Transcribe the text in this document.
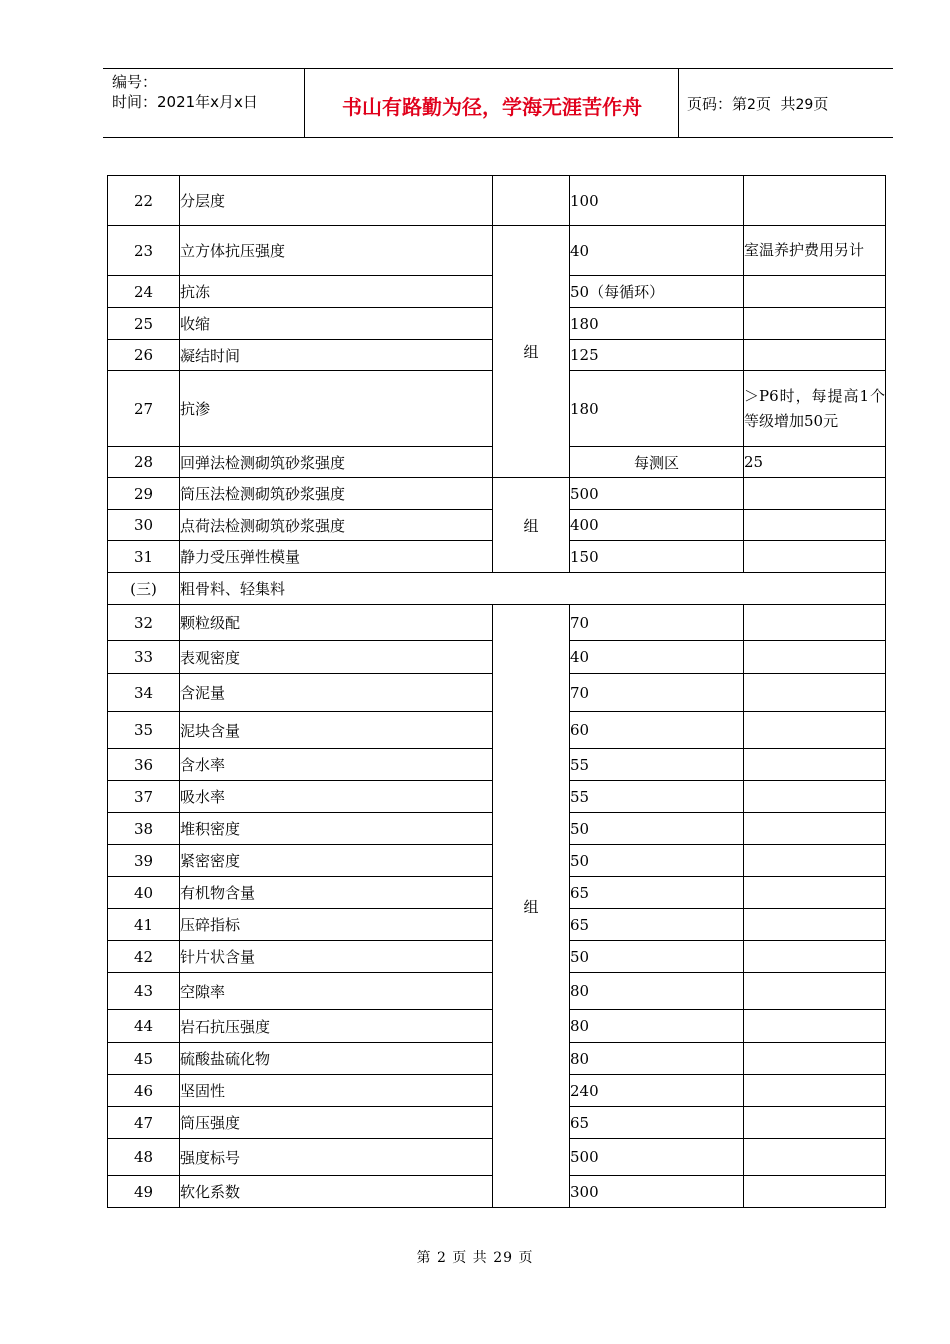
编号：
时间：2021年x月x日	书山有路勤为径，学海无涯苦作舟	页码：第2页  共29页
22	分层度		100		
23	立方体抗压强度	组	40	室温养护费用另计	
24	抗冻		50（每循环）		
25	收缩		180		
26	凝结时间		125		
27	抗渗		180	＞P6时，每提高1个等级增加50元	
28	回弹法检测砌筑砂浆强度		每测区	25	
29	筒压法检测砌筑砂浆强度	组	500		
30	点荷法检测砌筑砂浆强度		400		
31	静力受压弹性模量		150		
(三)	粗骨料、轻集料				
32	颗粒级配	组	70		
33	表观密度		40		
34	含泥量		70		
35	泥块含量		60		
36	含水率		55		
37	吸水率		55		
38	堆积密度		50		
39	紧密密度		50		
40	有机物含量		65		
41	压碎指标		65		
42	针片状含量		50		
43	空隙率		80		
44	岩石抗压强度		80		
45	硫酸盐硫化物		80		
46	坚固性		240		
47	筒压强度		65		
48	强度标号		500		
49	软化系数		300		
第 2 页 共 29 页
